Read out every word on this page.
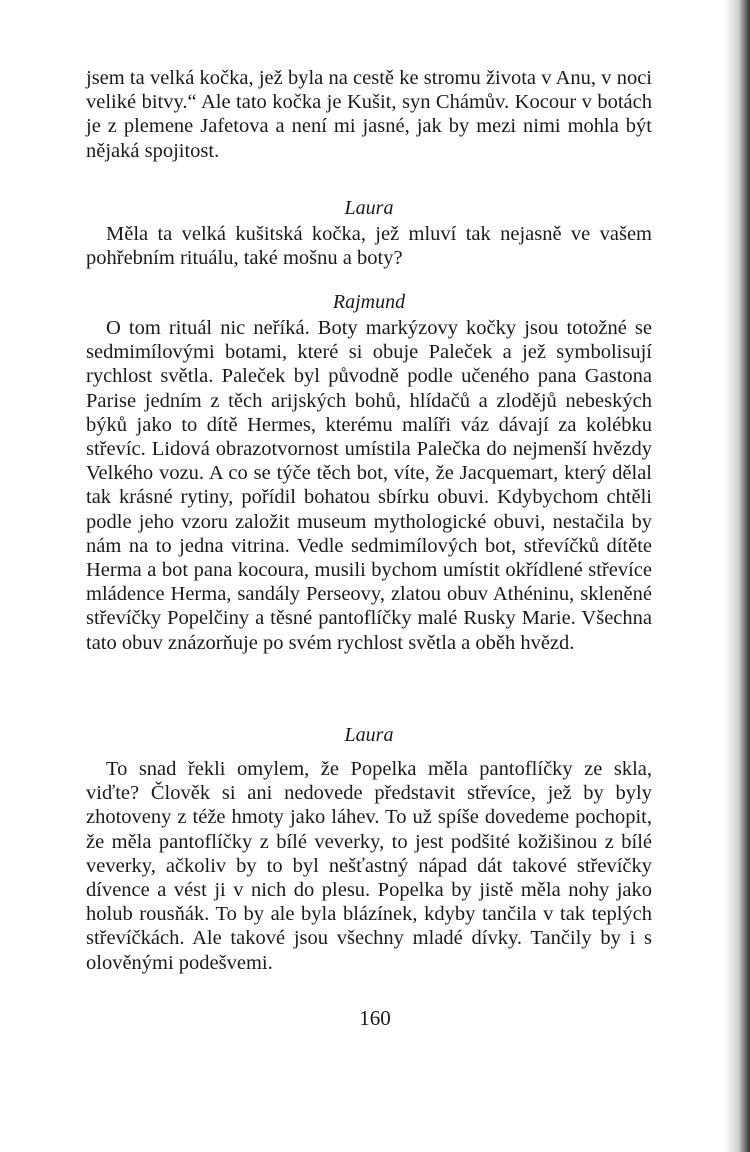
jsem ta velká kočka, jež byla na cestě ke stromu života v Anu, v noci veliké bitvy.“ Ale tato kočka je Kušit, syn Chámův. Kocour v botách je z plemene Jafetova a není mi jasné, jak by mezi nimi mohla být nějaká spojitost.

Laura

Měla ta velká kušitská kočka, jež mluví tak nejasně ve vašem pohřebním rituálu, také mošnu a boty?

Rajmund

O tom rituál nic neříká. Boty markýzovy kočky jsou totožné se sedmimílovými botami, které si obuje Paleček a jež symbolisují rychlost světla. Paleček byl původně podle učeného pana Gastona Parise jedním z těch arijských bohů, hlídačů a zlodějů nebeských býků jako to dítě Hermes, kterému malíři váz dávají za kolébku střevíc. Lidová obrazotvornost umístila Palečka do nejmenší hvězdy Velkého vozu. A co se týče těch bot, víte, že Jacquemart, který dělal tak krásné rytiny, pořídil bohatou sbírku obuvi. Kdybychom chtěli podle jeho vzoru založit museum mythologické obuvi, nestačila by nám na to jedna vitrina. Vedle sedmimílových bot, střevíčků dítěte Herma a bot pana kocoura, musili bychom umístit okřídlené střevíce mládence Herma, sandály Perseovy, zlatou obuv Athéninu, skleněné střevíčky Popelčiny a těsné pantoflíčky malé Rusky Marie. Všechna tato obuv znázorňuje po svém rychlost světla a oběh hvězd.

Laura

To snad řekli omylem, že Popelka měla pantoflíčky ze skla, viďte? Člověk si ani nedovede představit střevíce, jež by byly zhotoveny z téže hmoty jako láhev. To už spíše dovedeme pochopit, že měla pantoflíčky z bílé veverky, to jest podšité kožišinou z bílé veverky, ačkoliv by to byl nešťastný nápad dát takové střevíčky dívence a vést ji v nich do plesu. Popelka by jistě měla nohy jako holub rousňák. To by ale byla blázínek, kdyby tančila v tak teplých střevíčkách. Ale takové jsou všechny mladé dívky. Tančily by i s olověnými podešvemi.

160
